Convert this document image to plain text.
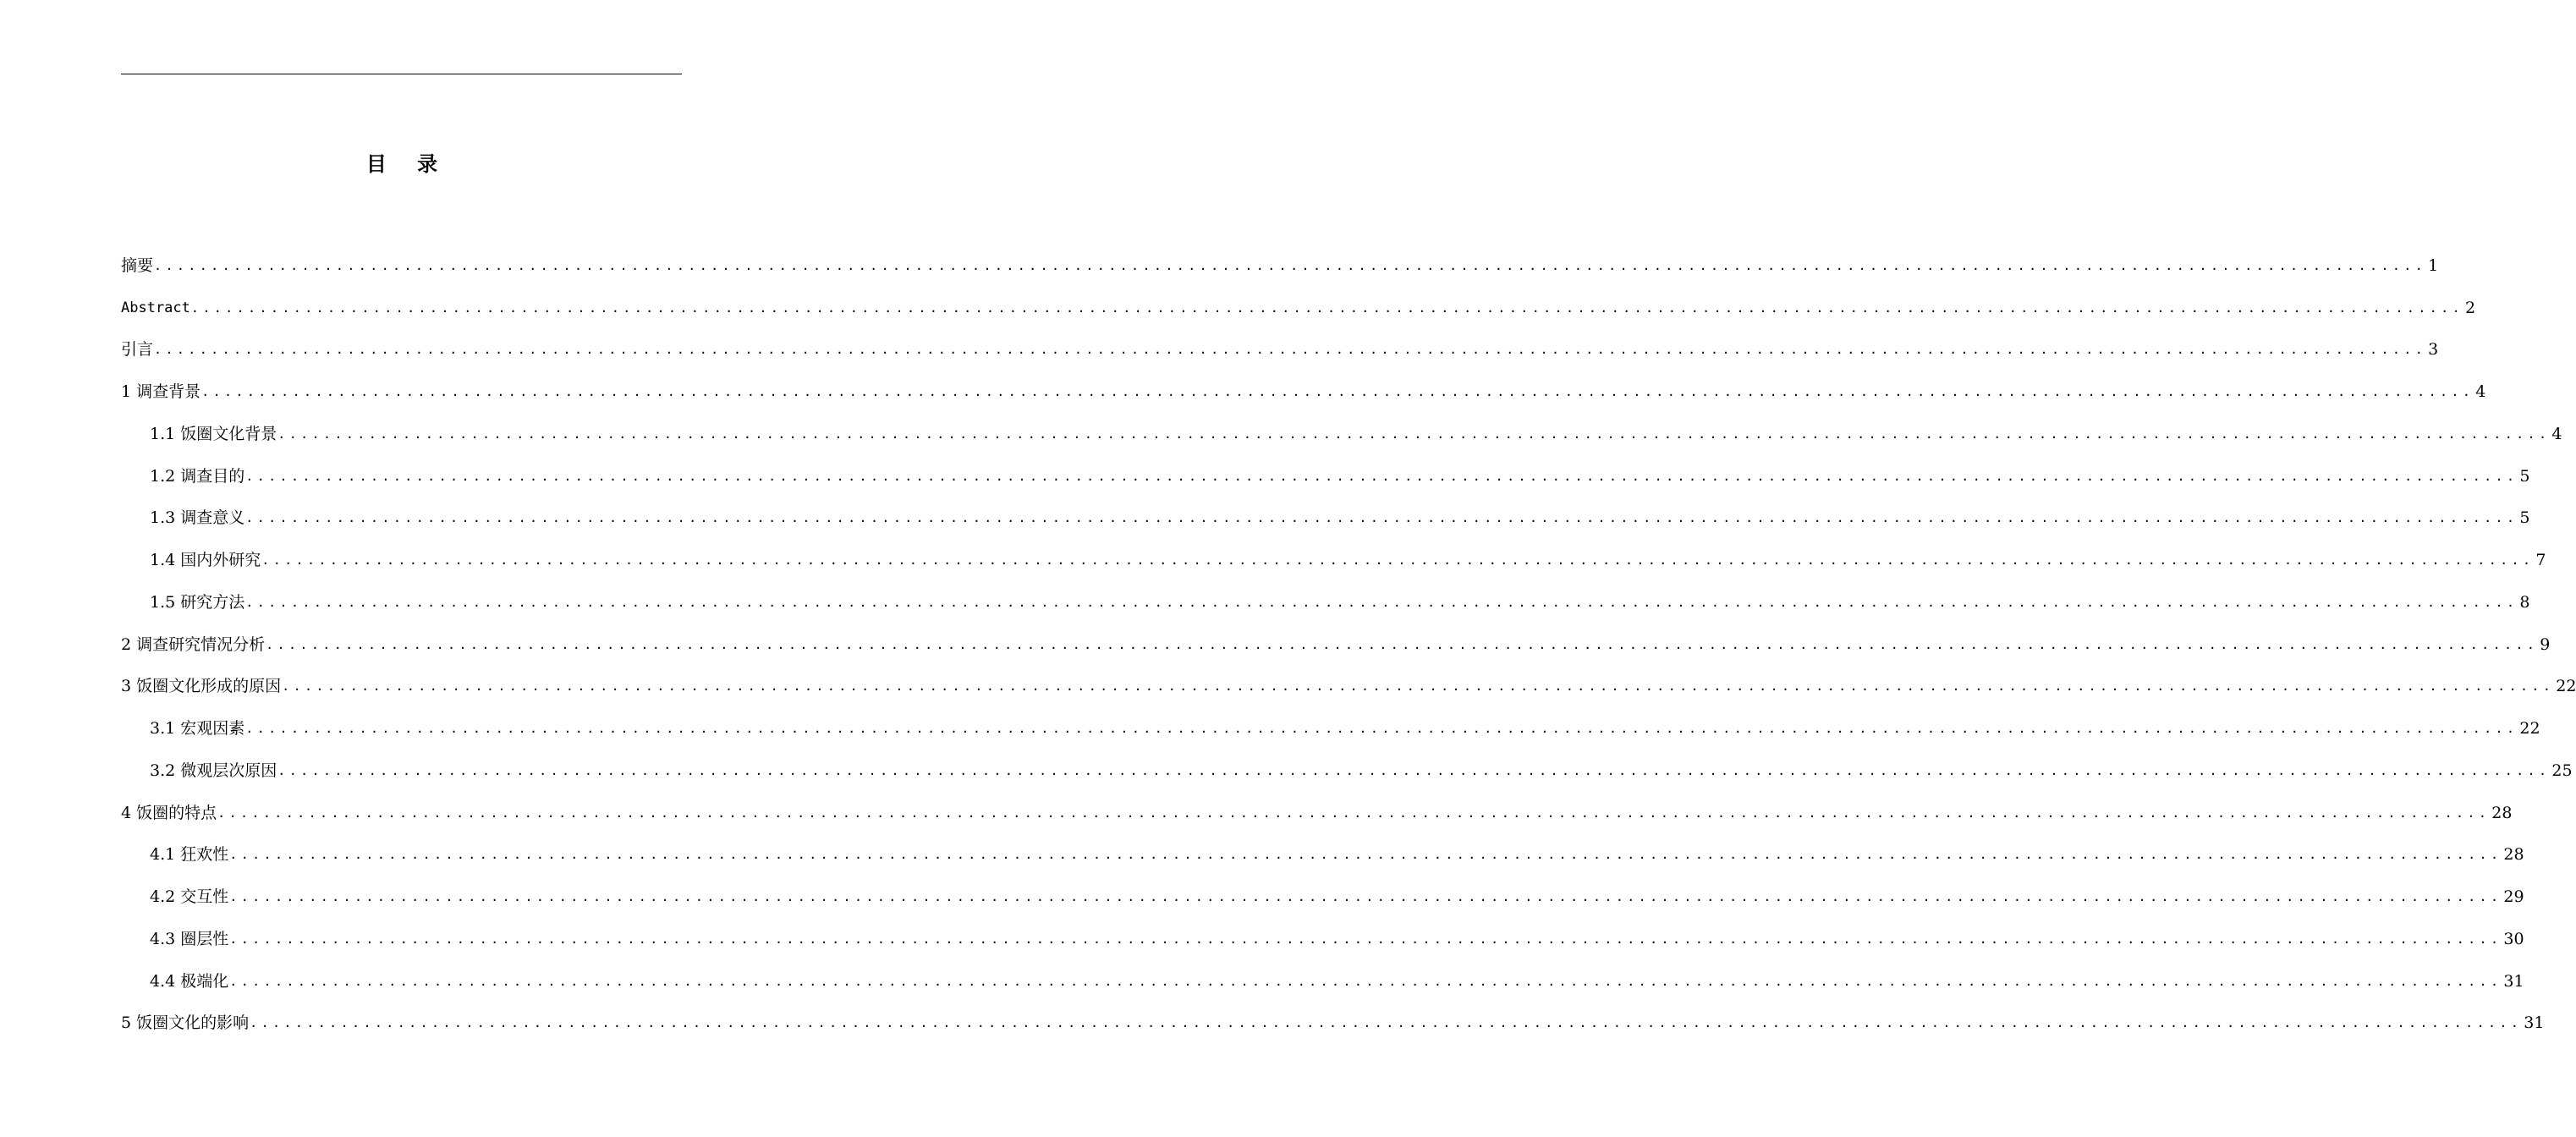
目 录
摘要 ........................................................................................................................................................................................................ 1
Abstract ........................................................................................................................................................................................................ 2
引言 ........................................................................................................................................................................................................ 3
1 调查背景 ........................................................................................................................................................................................................ 4
1.1 饭圈文化背景 ........................................................................................................................................................................................................ 4
1.2 调查目的 ........................................................................................................................................................................................................ 5
1.3 调查意义 ........................................................................................................................................................................................................ 5
1.4 国内外研究 ........................................................................................................................................................................................................ 7
1.5 研究方法 ........................................................................................................................................................................................................ 8
2 调查研究情况分析 ........................................................................................................................................................................................................ 9
3 饭圈文化形成的原因 ........................................................................................................................................................................................................ 22
3.1 宏观因素 ........................................................................................................................................................................................................ 22
3.2 微观层次原因 ........................................................................................................................................................................................................ 25
4 饭圈的特点 ........................................................................................................................................................................................................ 28
4.1 狂欢性 ........................................................................................................................................................................................................ 28
4.2 交互性 ........................................................................................................................................................................................................ 29
4.3 圈层性 ........................................................................................................................................................................................................ 30
4.4 极端化 ........................................................................................................................................................................................................ 31
5 饭圈文化的影响 ........................................................................................................................................................................................................ 31
